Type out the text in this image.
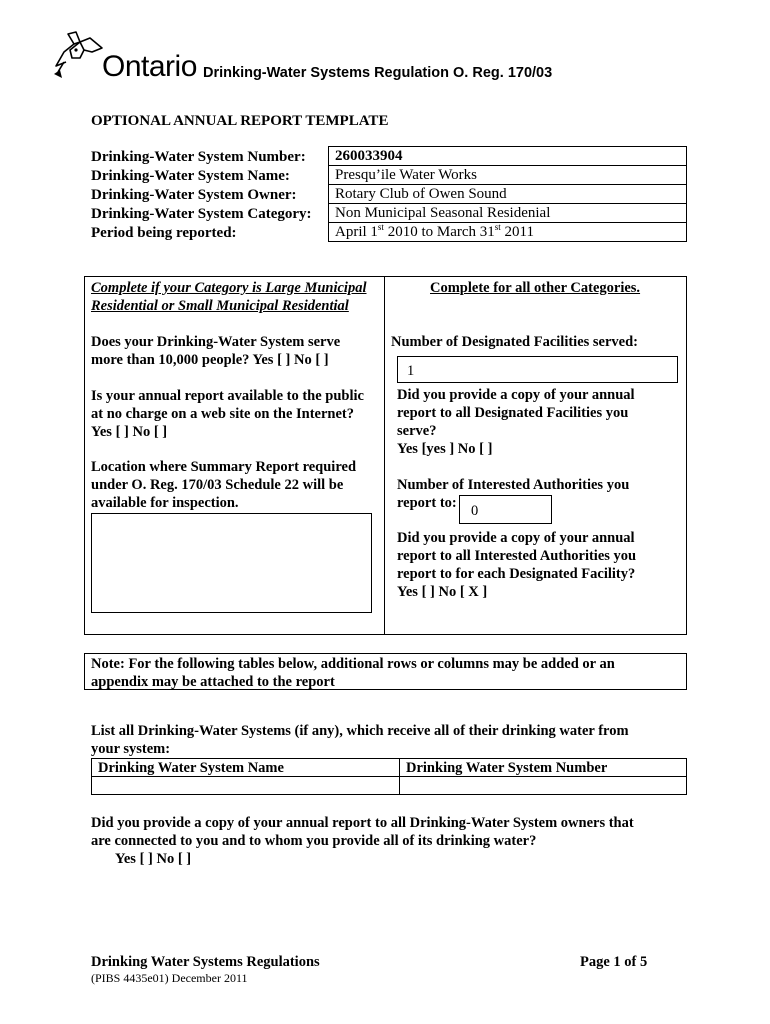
Ontario Drinking-Water Systems Regulation O. Reg. 170/03
OPTIONAL ANNUAL REPORT TEMPLATE
Drinking-Water System Number:
Drinking-Water System Name:
Drinking-Water System Owner:
Drinking-Water System Category:
Period being reported:
260033904
Presqu’ile Water Works
Rotary Club of Owen Sound
Non Municipal Seasonal Residenial
April 1st 2010 to March 31st 2011
Complete if your Category is Large Municipal
Residential or Small Municipal Residential
Does your Drinking-Water System serve
more than 10,000 people? Yes [ ] No [ ]
Is your annual report available to the public
at no charge on a web site on the Internet?
Yes [ ] No [ ]
Location where Summary Report required
under O. Reg. 170/03 Schedule 22 will be
available for inspection.
Complete for all other Categories.
Number of Designated Facilities served:
1
Did you provide a copy of your annual
report to all Designated Facilities you
serve?
Yes [yes ] No [ ]
Number of Interested Authorities you
report to: 0
Did you provide a copy of your annual
report to all Interested Authorities you
report to for each Designated Facility?
Yes [ ] No [ X ]
Note: For the following tables below, additional rows or columns may be added or an
appendix may be attached to the report
List all Drinking-Water Systems (if any), which receive all of their drinking water from
your system:
Drinking Water System Name	Drinking Water System Number
Did you provide a copy of your annual report to all Drinking-Water System owners that
are connected to you and to whom you provide all of its drinking water?
Yes [ ] No [ ]
Drinking Water Systems Regulations	Page 1 of 5
(PIBS 4435e01) December 2011
